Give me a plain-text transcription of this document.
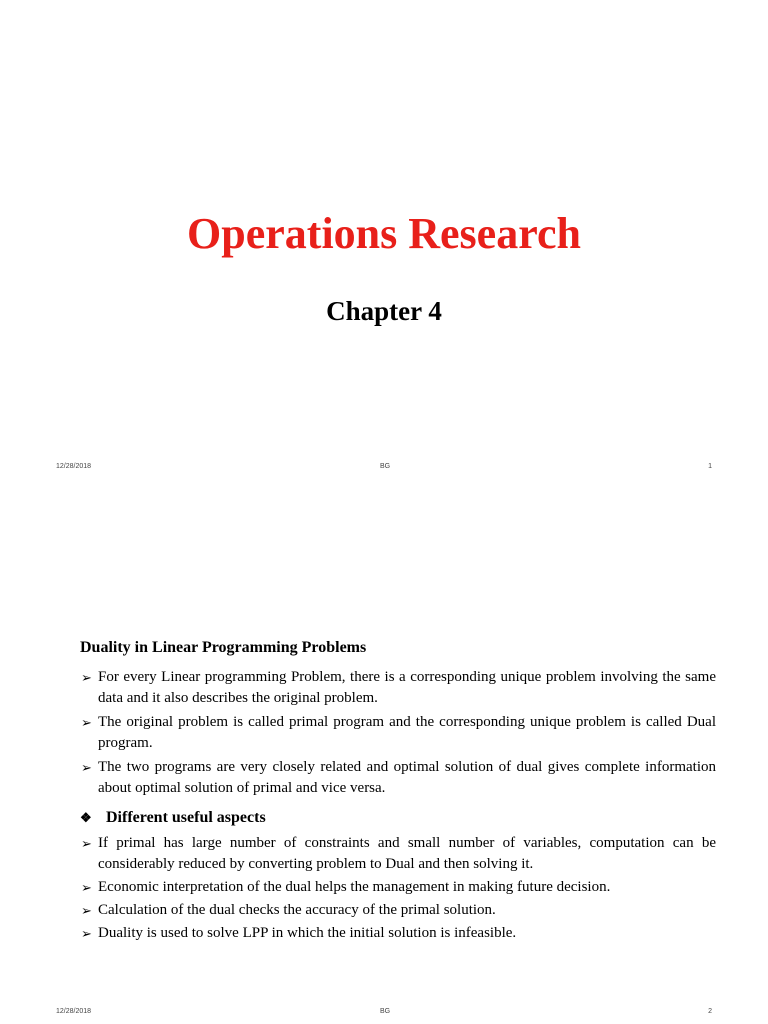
Operations Research
Chapter 4
12/28/2018	BG	1
Duality in Linear Programming Problems
➢ For every Linear programming Problem, there is a corresponding unique problem involving the same data and it also describes the original problem.
➢ The original problem is called primal program and the corresponding unique problem is called Dual program.
➢ The two programs are very closely related and optimal solution of dual gives complete information about optimal solution of primal and vice versa.
❖ Different useful aspects
➢ If primal has large number of constraints and small number of variables, computation can be considerably reduced by converting problem to Dual and then solving it.
➢ Economic interpretation of the dual helps the management in making future decision.
➢ Calculation of the dual checks the accuracy of the primal solution.
➢ Duality is used to solve LPP in which the initial solution is infeasible.
12/28/2018	BG	2
